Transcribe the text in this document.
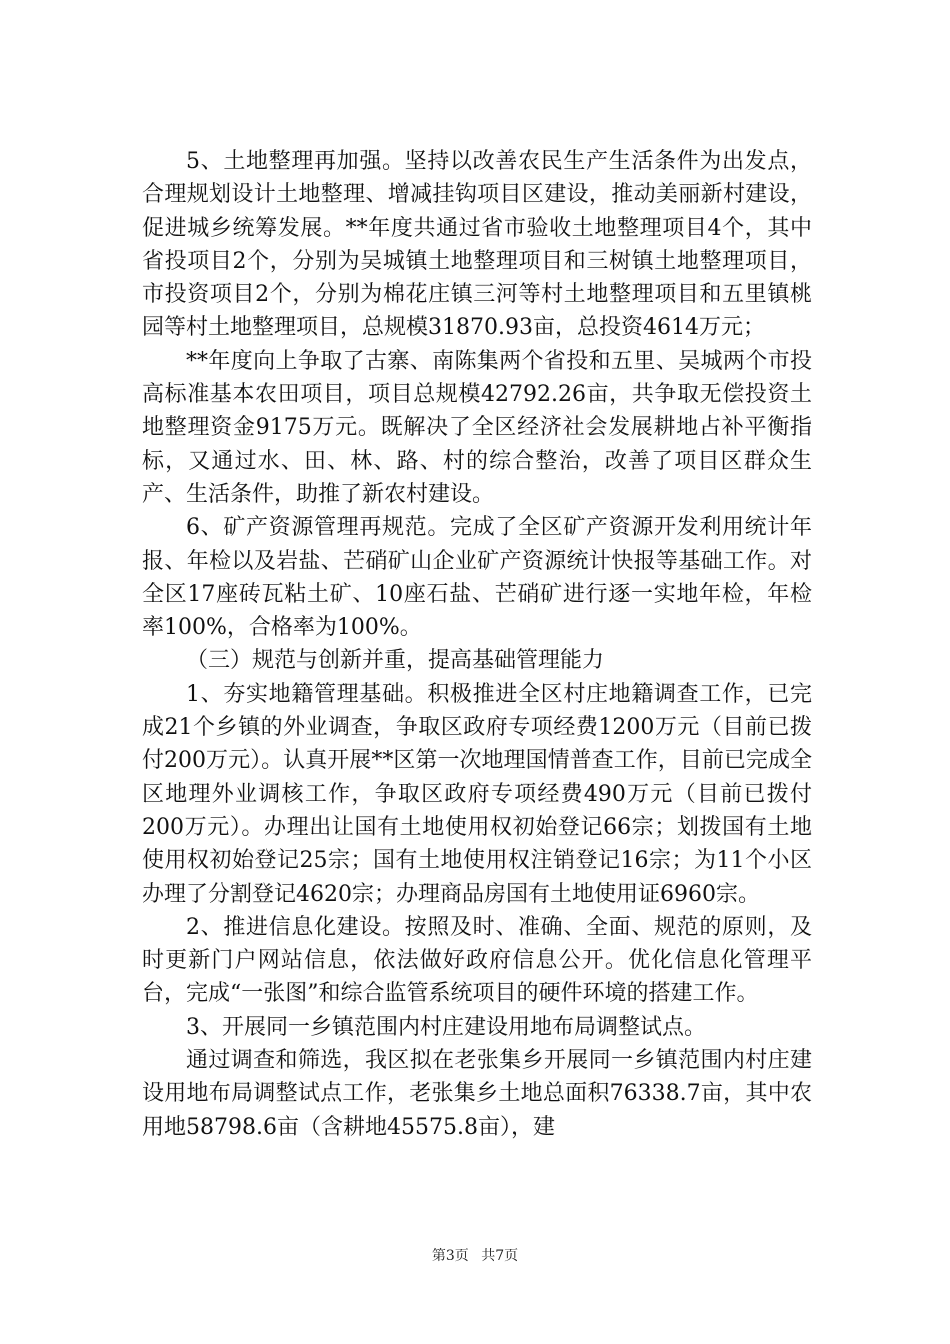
5、土地整理再加强。坚持以改善农民生产生活条件为出发点，合理规划设计土地整理、增减挂钩项目区建设，推动美丽新村建设，促进城乡统筹发展。**年度共通过省市验收土地整理项目4个，其中省投项目2个，分别为吴城镇土地整理项目和三树镇土地整理项目，市投资项目2个，分别为棉花庄镇三河等村土地整理项目和五里镇桃园等村土地整理项目，总规模31870.93亩，总投资4614万元；

**年度向上争取了古寨、南陈集两个省投和五里、吴城两个市投高标准基本农田项目，项目总规模42792.26亩，共争取无偿投资土地整理资金9175万元。既解决了全区经济社会发展耕地占补平衡指标，又通过水、田、林、路、村的综合整治，改善了项目区群众生产、生活条件，助推了新农村建设。

6、矿产资源管理再规范。完成了全区矿产资源开发利用统计年报、年检以及岩盐、芒硝矿山企业矿产资源统计快报等基础工作。对全区17座砖瓦粘土矿、10座石盐、芒硝矿进行逐一实地年检，年检率100%，合格率为100%。

（三）规范与创新并重，提高基础管理能力

1、夯实地籍管理基础。积极推进全区村庄地籍调查工作，已完成21个乡镇的外业调查，争取区政府专项经费1200万元（目前已拨付200万元）。认真开展**区第一次地理国情普查工作，目前已完成全区地理外业调核工作，争取区政府专项经费490万元（目前已拨付200万元）。办理出让国有土地使用权初始登记66宗；划拨国有土地使用权初始登记25宗；国有土地使用权注销登记16宗；为11个小区办理了分割登记4620宗；办理商品房国有土地使用证6960宗。

2、推进信息化建设。按照及时、准确、全面、规范的原则，及时更新门户网站信息，依法做好政府信息公开。优化信息化管理平台，完成“一张图”和综合监管系统项目的硬件环境的搭建工作。

3、开展同一乡镇范围内村庄建设用地布局调整试点。

通过调查和筛选，我区拟在老张集乡开展同一乡镇范围内村庄建设用地布局调整试点工作，老张集乡土地总面积76338.7亩，其中农用地58798.6亩（含耕地45575.8亩），建

第3页 共7页
